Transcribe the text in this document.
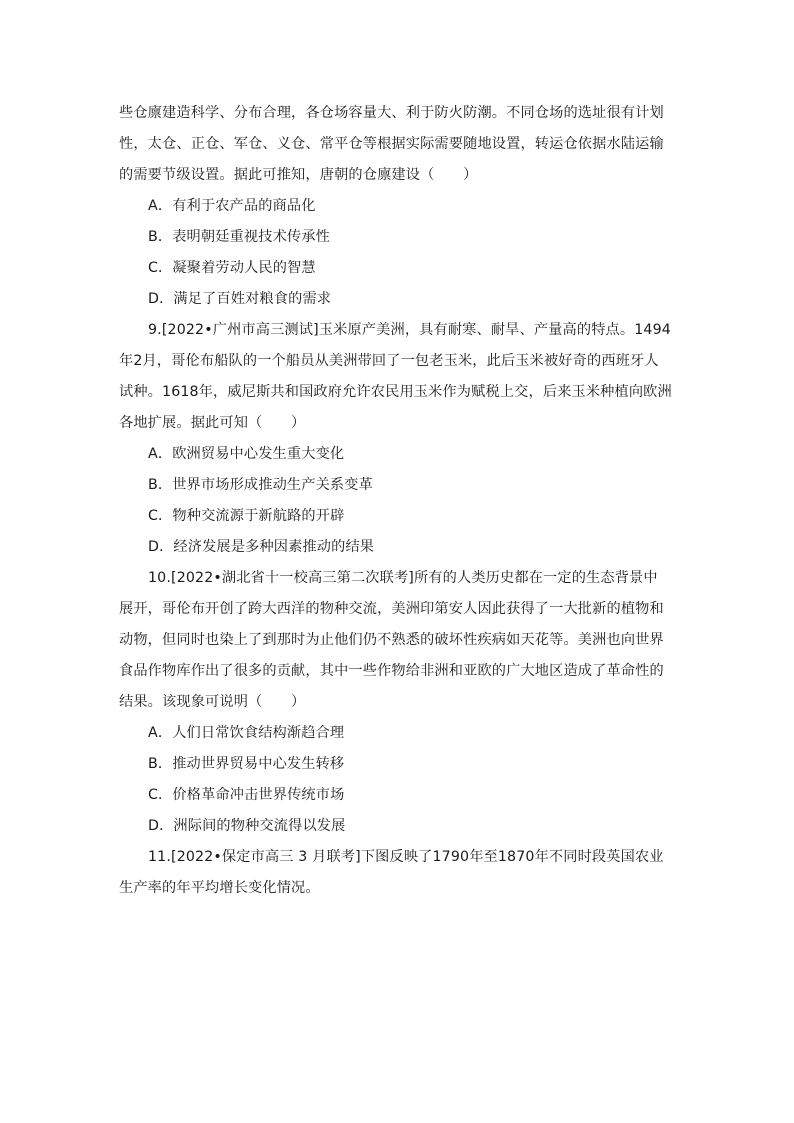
些仓廪建造科学、分布合理，各仓场容量大、利于防火防潮。不同仓场的选址很有计划
性，太仓、正仓、军仓、义仓、常平仓等根据实际需要随地设置，转运仓依据水陆运输
的需要节级设置。据此可推知，唐朝的仓廪建设（　　）

A．有利于农产品的商品化

B．表明朝廷重视技术传承性

C．凝聚着劳动人民的智慧

D．满足了百姓对粮食的需求

9.[2022•广州市高三测试]玉米原产美洲，具有耐寒、耐旱、产量高的特点。1494
年2月，哥伦布船队的一个船员从美洲带回了一包老玉米，此后玉米被好奇的西班牙人
试种。1618年，威尼斯共和国政府允许农民用玉米作为赋税上交，后来玉米种植向欧洲
各地扩展。据此可知（　　）

A．欧洲贸易中心发生重大变化

B．世界市场形成推动生产关系变革

C．物种交流源于新航路的开辟

D．经济发展是多种因素推动的结果

10.[2022•湖北省十一校高三第二次联考]所有的人类历史都在一定的生态背景中
展开，哥伦布开创了跨大西洋的物种交流，美洲印第安人因此获得了一大批新的植物和
动物，但同时也染上了到那时为止他们仍不熟悉的破坏性疾病如天花等。美洲也向世界
食品作物库作出了很多的贡献，其中一些作物给非洲和亚欧的广大地区造成了革命性的
结果。该现象可说明（　　）

A．人们日常饮食结构渐趋合理

B．推动世界贸易中心发生转移

C．价格革命冲击世界传统市场

D．洲际间的物种交流得以发展

11.[2022•保定市高三 3 月联考]下图反映了1790年至1870年不同时段英国农业
生产率的年平均增长变化情况。
